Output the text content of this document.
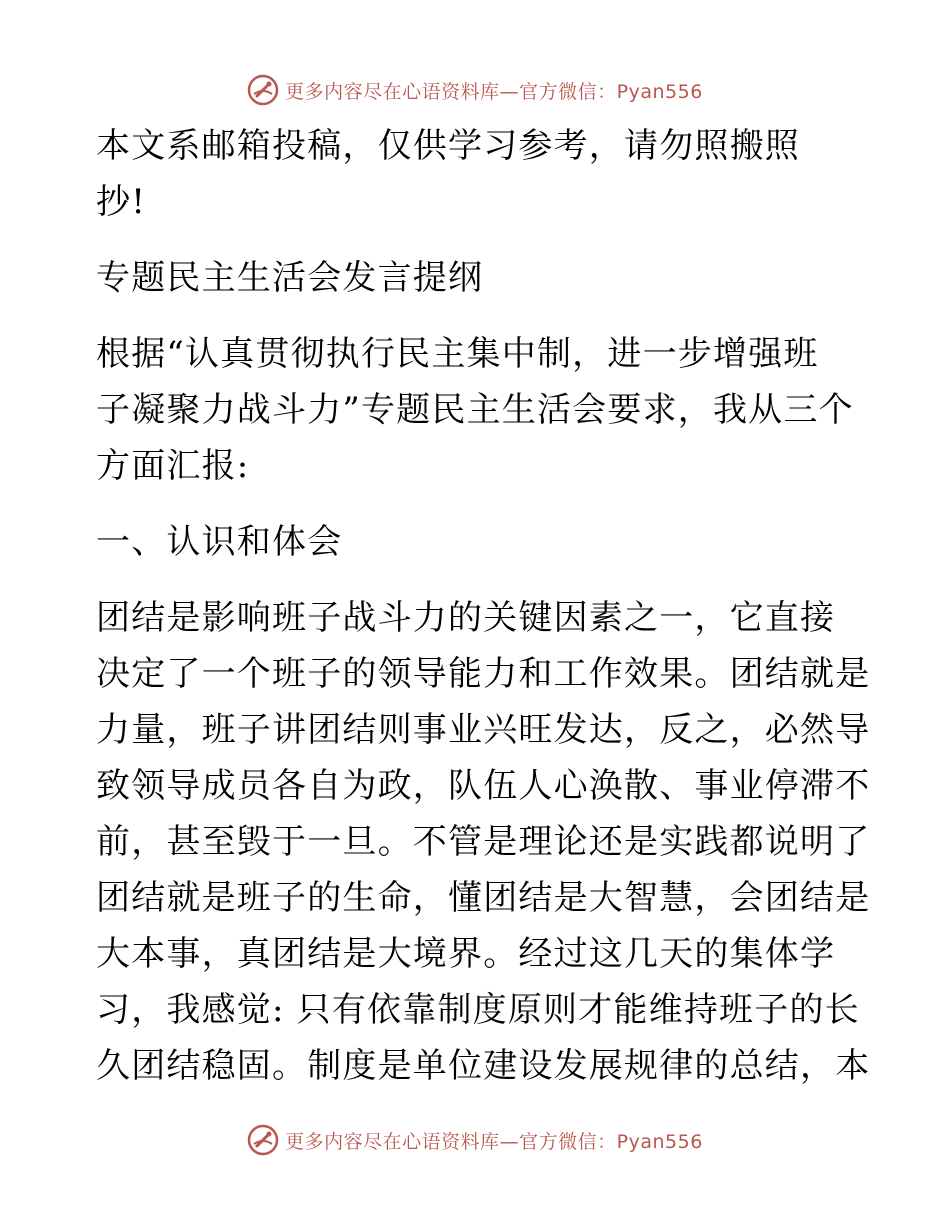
更多内容尽在心语资料库—官方微信：Pyan556
本文系邮箱投稿，仅供学习参考，请勿照搬照
抄!
专题民主生活会发言提纲
根据“认真贯彻执行民主集中制，进一步增强班
子凝聚力战斗力”专题民主生活会要求，我从三个
方面汇报:
一、认识和体会
团结是影响班子战斗力的关键因素之一，它直接
决定了一个班子的领导能力和工作效果。团结就是
力量，班子讲团结则事业兴旺发达，反之，必然导
致领导成员各自为政，队伍人心涣散、事业停滞不
前，甚至毁于一旦。不管是理论还是实践都说明了
团结就是班子的生命，懂团结是大智慧，会团结是
大本事，真团结是大境界。经过这几天的集体学
习，我感觉: 只有依靠制度原则才能维持班子的长
久团结稳固。制度是单位建设发展规律的总结，本
更多内容尽在心语资料库—官方微信：Pyan556
